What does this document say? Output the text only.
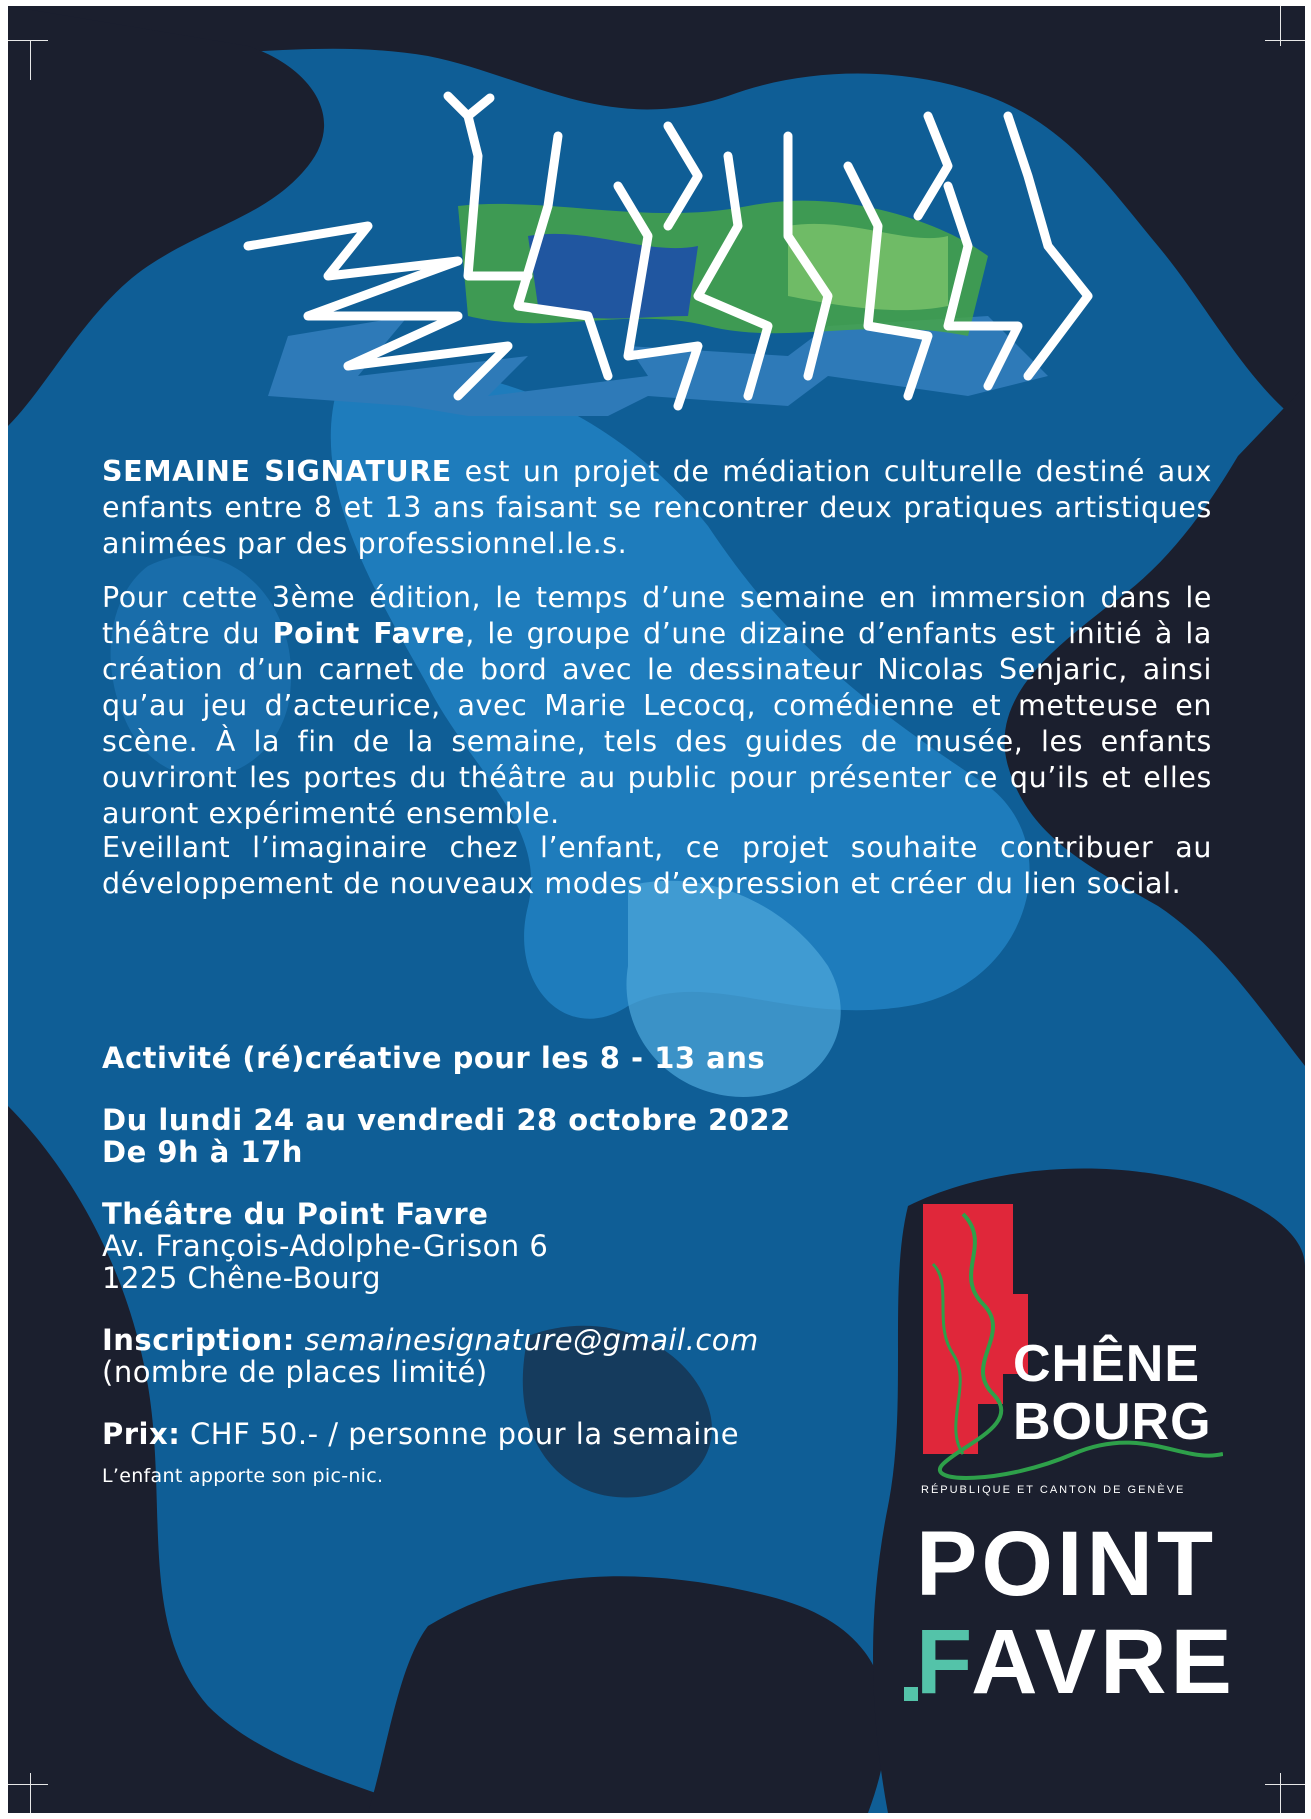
SEMAINE SIGNATURE est un projet de médiation culturelle destiné aux enfants entre 8 et 13 ans faisant se rencontrer deux pratiques artistiques animées par des professionnel.le.s.
Pour cette 3ème édition, le temps d’une semaine en immersion dans le théâtre du Point Favre, le groupe d’une dizaine d’enfants est initié à la création d’un carnet de bord avec le dessinateur Nicolas Senjaric, ainsi qu’au jeu d’acteurice, avec Marie Lecocq, comédienne et metteuse en scène. À la fin de la semaine, tels des guides de musée, les enfants ouvriront les portes du théâtre au public pour présenter ce qu’ils et elles auront expérimenté ensemble.
Eveillant l’imaginaire chez l’enfant, ce projet souhaite contribuer au développement de nouveaux modes d’expression et créer du lien social.
Activité (ré)créative pour les 8 - 13 ans
Du lundi 24 au vendredi 28 octobre 2022
De 9h à 17h
Théâtre du Point Favre
Av. François-Adolphe-Grison 6
1225 Chêne-Bourg
Inscription: semainesignature@gmail.com
(nombre de places limité)
Prix: CHF 50.- / personne pour la semaine
L’enfant apporte son pic-nic.
CHÊNE
BOURG
RÉPUBLIQUE ET CANTON DE GENÈVE
POINT
FAVRE
